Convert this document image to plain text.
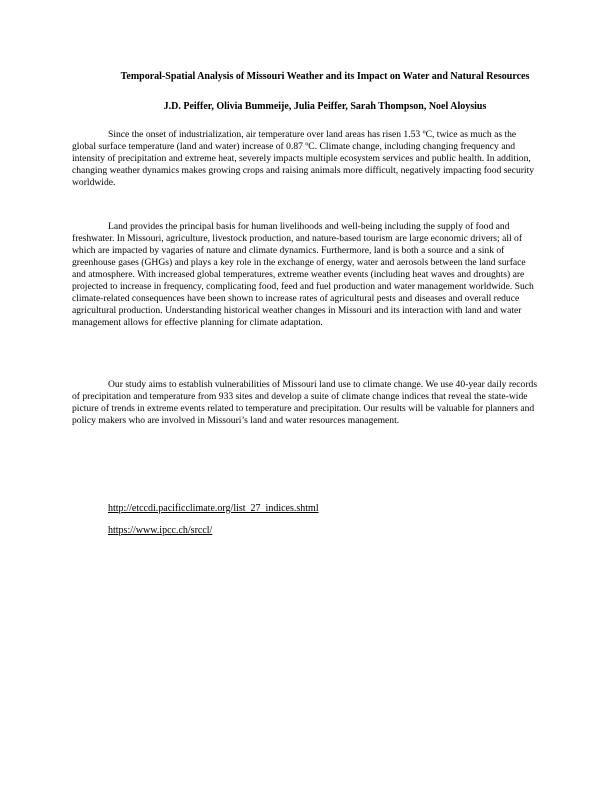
Temporal-Spatial Analysis of Missouri Weather and its Impact on Water and Natural Resources
J.D. Peiffer, Olivia Bummeije, Julia Peiffer, Sarah Thompson, Noel Aloysius

Since the onset of industrialization, air temperature over land areas has risen 1.53 ºC, twice as much as the global surface temperature (land and water) increase of 0.87 ºC. Climate change, including changing frequency and intensity of precipitation and extreme heat, severely impacts multiple ecosystem services and public health. In addition, changing weather dynamics makes growing crops and raising animals more difficult, negatively impacting food security worldwide.

Land provides the principal basis for human livelihoods and well-being including the supply of food and freshwater. In Missouri, agriculture, livestock production, and nature-based tourism are large economic drivers; all of which are impacted by vagaries of nature and climate dynamics. Furthermore, land is both a source and a sink of greenhouse gases (GHGs) and plays a key role in the exchange of energy, water and aerosols between the land surface and atmosphere. With increased global temperatures, extreme weather events (including heat waves and droughts) are projected to increase in frequency, complicating food, feed and fuel production and water management worldwide. Such climate-related consequences have been shown to increase rates of agricultural pests and diseases and overall reduce agricultural production. Understanding historical weather changes in Missouri and its interaction with land and water management allows for effective planning for climate adaptation.

Our study aims to establish vulnerabilities of Missouri land use to climate change. We use 40-year daily records of precipitation and temperature from 933 sites and develop a suite of climate change indices that reveal the state-wide picture of trends in extreme events related to temperature and precipitation. Our results will be valuable for planners and policy makers who are involved in Missouri’s land and water resources management.

http://etccdi.pacificclimate.org/list_27_indices.shtml
https://www.ipcc.ch/srccl/
